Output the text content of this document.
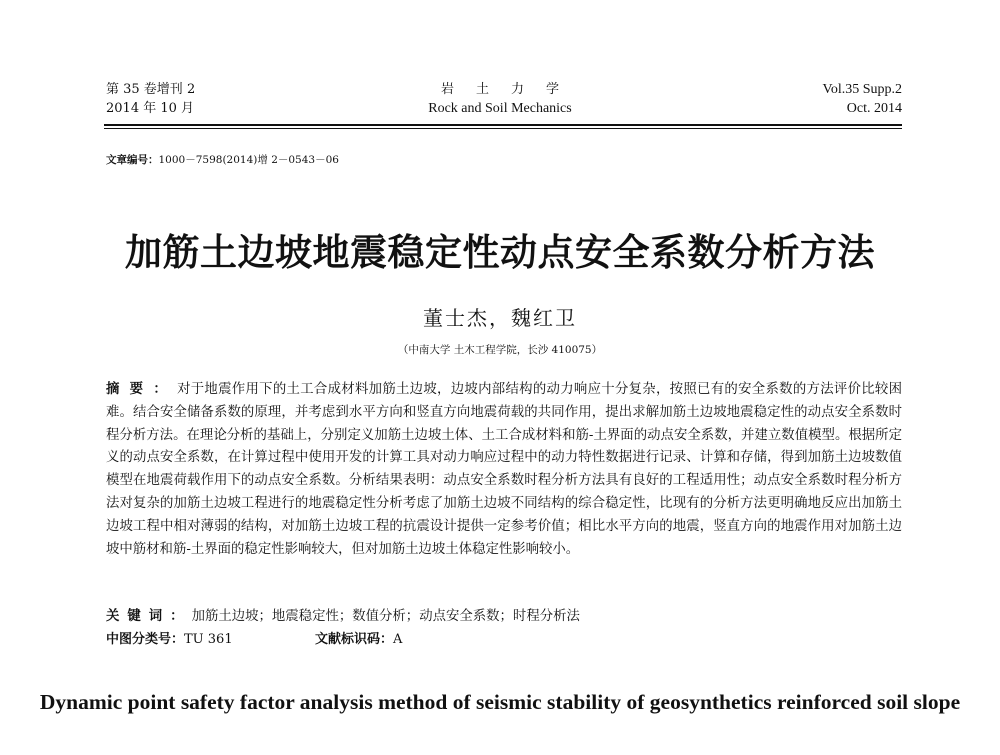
第 35 卷增刊 2
2014 年 10 月
岩土力学
Rock and Soil Mechanics
Vol.35 Supp.2
Oct. 2014
文章编号：1000－7598(2014)增 2－0543－06
加筋土边坡地震稳定性动点安全系数分析方法
董士杰，魏红卫
（中南大学 土木工程学院，长沙 410075）
摘要：对于地震作用下的土工合成材料加筋土边坡，边坡内部结构的动力响应十分复杂，按照已有的安全系数的方法评价比较困难。结合安全储备系数的原理，并考虑到水平方向和竖直方向地震荷载的共同作用，提出求解加筋土边坡地震稳定性的动点安全系数时程分析方法。在理论分析的基础上，分别定义加筋土边坡土体、土工合成材料和筋-土界面的动点安全系数，并建立数值模型。根据所定义的动点安全系数，在计算过程中使用开发的计算工具对动力响应过程中的动力特性数据进行记录、计算和存储，得到加筋土边坡数值模型在地震荷载作用下的动点安全系数。分析结果表明：动点安全系数时程分析方法具有良好的工程适用性；动点安全系数时程分析方法对复杂的加筋土边坡工程进行的地震稳定性分析考虑了加筋土边坡不同结构的综合稳定性，比现有的分析方法更明确地反应出加筋土边坡工程中相对薄弱的结构，对加筋土边坡工程的抗震设计提供一定参考价值；相比水平方向的地震，竖直方向的地震作用对加筋土边坡中筋材和筋-土界面的稳定性影响较大，但对加筋土边坡土体稳定性影响较小。
关键词：加筋土边坡；地震稳定性；数值分析；动点安全系数；时程分析法
中图分类号：TU 361	文献标识码：A
Dynamic point safety factor analysis method of seismic stability of geosynthetics reinforced soil slope
